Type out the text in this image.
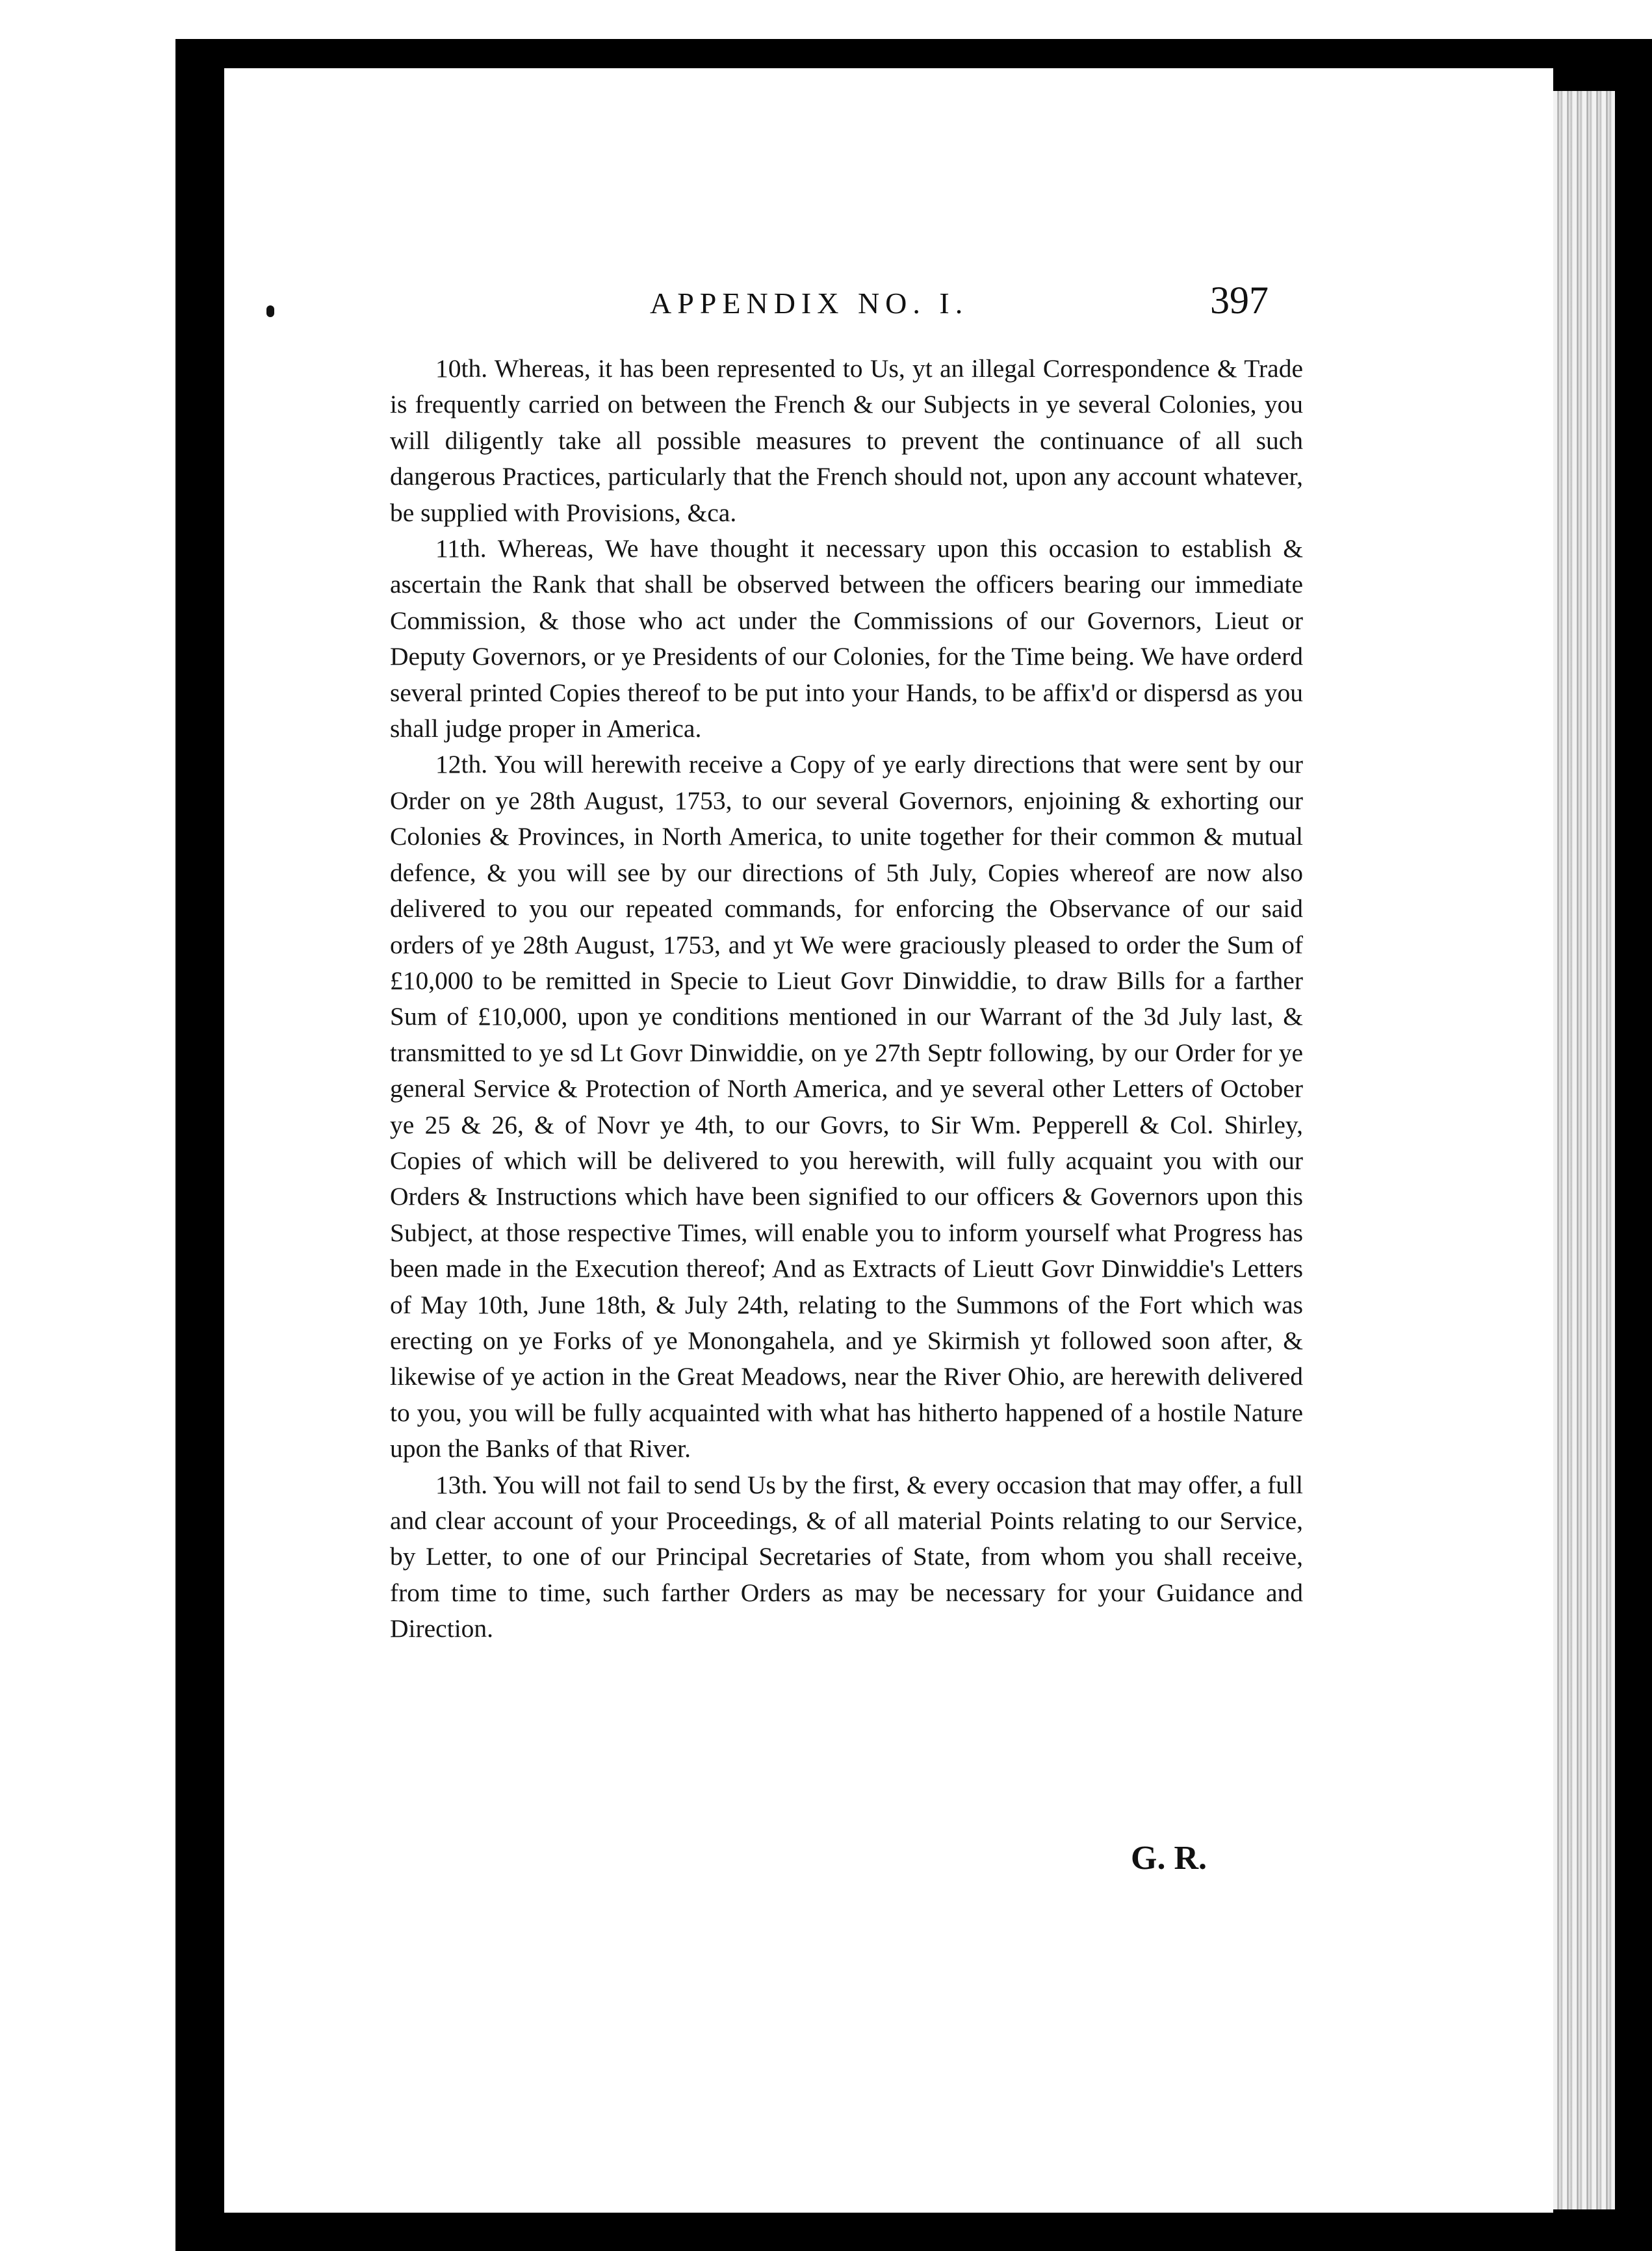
APPENDIX NO. I.	397

10th. Whereas, it has been represented to Us, yt an illegal Correspondence & Trade is frequently carried on between the French & our Subjects in ye several Colonies, you will diligently take all possible measures to prevent the continuance of all such dangerous Practices, particularly that the French should not, upon any account whatever, be supplied with Provisions, &ca.

11th. Whereas, We have thought it necessary upon this occasion to establish & ascertain the Rank that shall be observed between the officers bearing our immediate Commission, & those who act under the Commissions of our Governors, Lieut or Deputy Governors, or ye Presidents of our Colonies, for the Time being. We have orderd several printed Copies thereof to be put into your Hands, to be affix'd or dispersd as you shall judge proper in America.

12th. You will herewith receive a Copy of ye early directions that were sent by our Order on ye 28th August, 1753, to our several Governors, enjoining & exhorting our Colonies & Provinces, in North America, to unite together for their common & mutual defence, & you will see by our directions of 5th July, Copies whereof are now also delivered to you our repeated commands, for enforcing the Observance of our said orders of ye 28th August, 1753, and yt We were graciously pleased to order the Sum of £10,000 to be remitted in Specie to Lieut Govr Dinwiddie, to draw Bills for a farther Sum of £10,000, upon ye conditions mentioned in our Warrant of the 3d July last, & transmitted to ye sd Lt Govr Dinwiddie, on ye 27th Septr following, by our Order for ye general Service & Protection of North America, and ye several other Letters of October ye 25 & 26, & of Novr ye 4th, to our Govrs, to Sir Wm. Pepperell & Col. Shirley, Copies of which will be delivered to you herewith, will fully acquaint you with our Orders & Instructions which have been signified to our officers & Governors upon this Subject, at those respective Times, will enable you to inform yourself what Progress has been made in the Execution thereof; And as Extracts of Lieutt Govr Dinwiddie's Letters of May 10th, June 18th, & July 24th, relating to the Summons of the Fort which was erecting on ye Forks of ye Monongahela, and ye Skirmish yt followed soon after, & likewise of ye action in the Great Meadows, near the River Ohio, are herewith delivered to you, you will be fully acquainted with what has hitherto happened of a hostile Nature upon the Banks of that River.

13th. You will not fail to send Us by the first, & every occasion that may offer, a full and clear account of your Proceedings, & of all material Points relating to our Service, by Letter, to one of our Principal Secretaries of State, from whom you shall receive, from time to time, such farther Orders as may be necessary for your Guidance and Direction.

G. R.
